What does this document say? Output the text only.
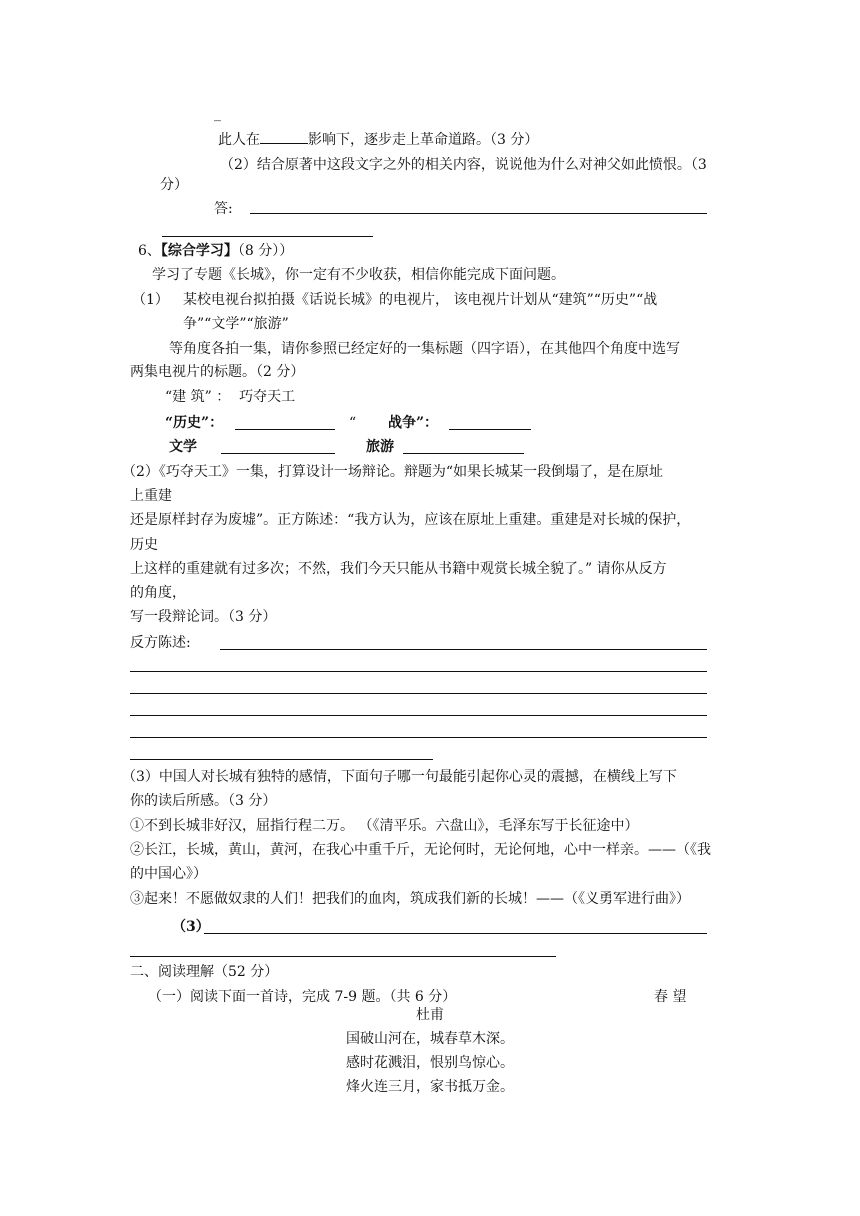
_
此人在	影响下，逐步走上革命道路。（3 分）
（2）结合原著中这段文字之外的相关内容，说说他为什么对神父如此愤恨。（3
分）
答:
6、【综合学习】（8 分））
学习了专题《长城》，你一定有不少收获，相信你能完成下面问题。
（1） 某校电视台拟拍摄《话说长城》的电视片， 该电视片计划从“建筑”“历史”“战
争”“文学”“旅游”
等角度各拍一集，请你参照已经定好的一集标题（四字语），在其他四个角度中选写
两集电视片的标题。（2 分）
“建 筑” ： 巧夺天工
“历史”：	“ 战争”：
文学	旅游
（2）《巧夺天工》一集，打算设计一场辩论。辩题为“如果长城某一段倒塌了，是在原址
上重建
还是原样封存为废墟”。正方陈述：“我方认为，应该在原址上重建。重建是对长城的保护，
历史
上这样的重建就有过多次；不然，我们今天只能从书籍中观赏长城全貌了。” 请你从反方
的角度，
写一段辩论词。（3 分）
反方陈述:
（3）中国人对长城有独特的感情，下面句子哪一句最能引起你心灵的震撼，在横线上写下
你的读后所感。（3 分）
①不到长城非好汉，屈指行程二万。 （《清平乐。六盘山》，毛泽东写于长征途中）
②长江，长城，黄山，黄河，在我心中重千斤，无论何时，无论何地，心中一样亲。——（《我
的中国心》）
③起来！不愿做奴隶的人们！把我们的血肉，筑成我们新的长城！——（《义勇军进行曲》）
（3）
二、阅读理解（52 分）
（一）阅读下面一首诗，完成 7-9 题。（共 6 分）	春 望
杜甫
国破山河在，城春草木深。
感时花溅泪，恨别鸟惊心。
烽火连三月，家书抵万金。
